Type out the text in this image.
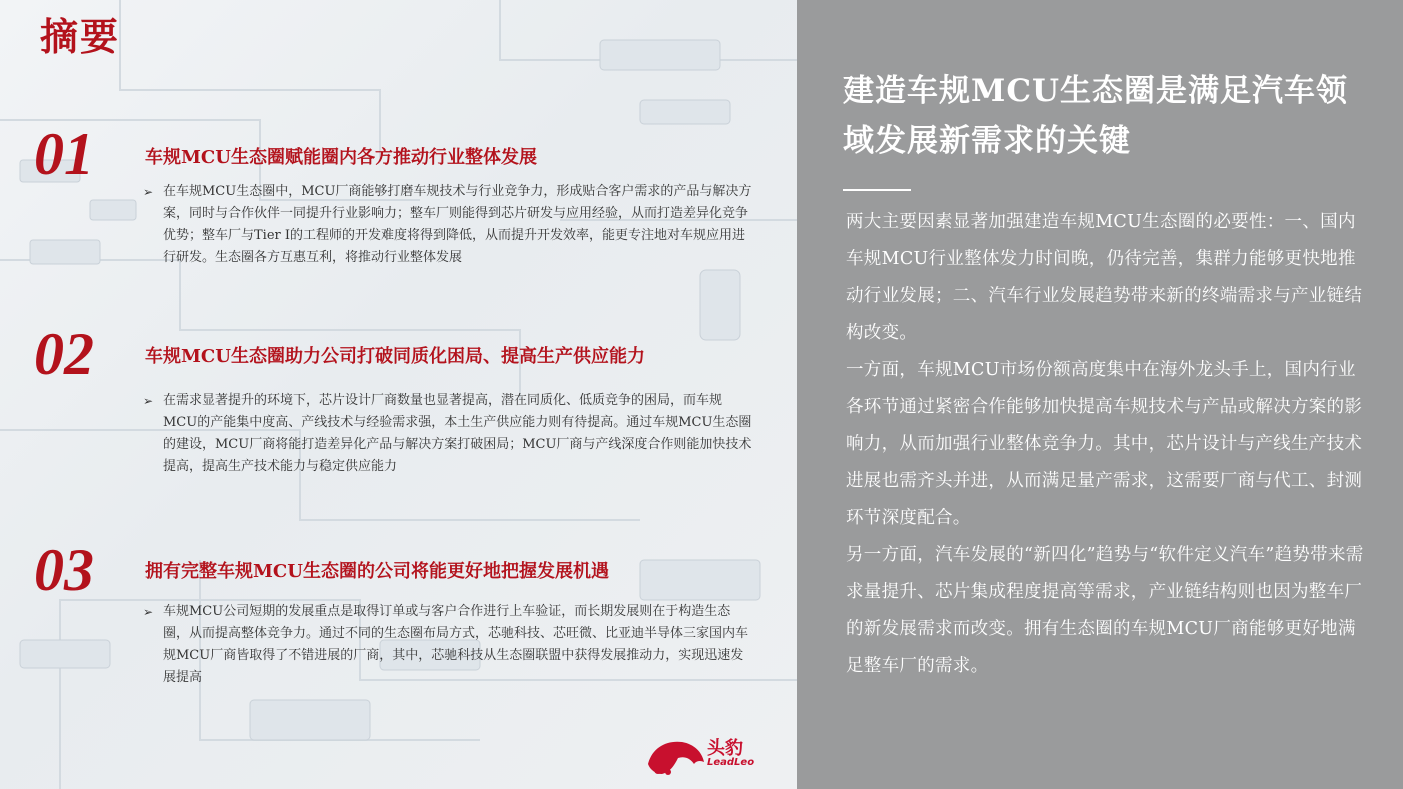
摘要
01	车规MCU生态圈赋能圈内各方推动行业整体发展
➢ 在车规MCU生态圈中，MCU厂商能够打磨车规技术与行业竞争力，形成贴合客户需求的产品与解决方案，同时与合作伙伴一同提升行业影响力；整车厂则能得到芯片研发与应用经验，从而打造差异化竞争优势；整车厂与Tier I的工程师的开发难度将得到降低，从而提升开发效率，能更专注地对车规应用进行研发。生态圈各方互惠互利，将推动行业整体发展
02	车规MCU生态圈助力公司打破同质化困局、提高生产供应能力
➢ 在需求显著提升的环境下，芯片设计厂商数量也显著提高，潜在同质化、低质竞争的困局，而车规MCU的产能集中度高、产线技术与经验需求强，本土生产供应能力则有待提高。通过车规MCU生态圈的建设，MCU厂商将能打造差异化产品与解决方案打破困局；MCU厂商与产线深度合作则能加快技术提高，提高生产技术能力与稳定供应能力
03	拥有完整车规MCU生态圈的公司将能更好地把握发展机遇
➢ 车规MCU公司短期的发展重点是取得订单或与客户合作进行上车验证，而长期发展则在于构造生态圈，从而提高整体竞争力。通过不同的生态圈布局方式，芯驰科技、芯旺微、比亚迪半导体三家国内车规MCU厂商皆取得了不错进展的厂商，其中，芯驰科技从生态圈联盟中获得发展推动力，实现迅速发展提高
头豹
LeadLeo
建造车规MCU生态圈是满足汽车领域发展新需求的关键

两大主要因素显著加强建造车规MCU生态圈的必要性：一、国内车规MCU行业整体发力时间晚，仍待完善，集群力能够更快地推动行业发展；二、汽车行业发展趋势带来新的终端需求与产业链结构改变。

一方面，车规MCU市场份额高度集中在海外龙头手上，国内行业各环节通过紧密合作能够加快提高车规技术与产品或解决方案的影响力，从而加强行业整体竞争力。其中，芯片设计与产线生产技术进展也需齐头并进，从而满足量产需求，这需要厂商与代工、封测环节深度配合。

另一方面，汽车发展的“新四化”趋势与“软件定义汽车”趋势带来需求量提升、芯片集成程度提高等需求，产业链结构则也因为整车厂的新发展需求而改变。拥有生态圈的车规MCU厂商能够更好地满足整车厂的需求。
